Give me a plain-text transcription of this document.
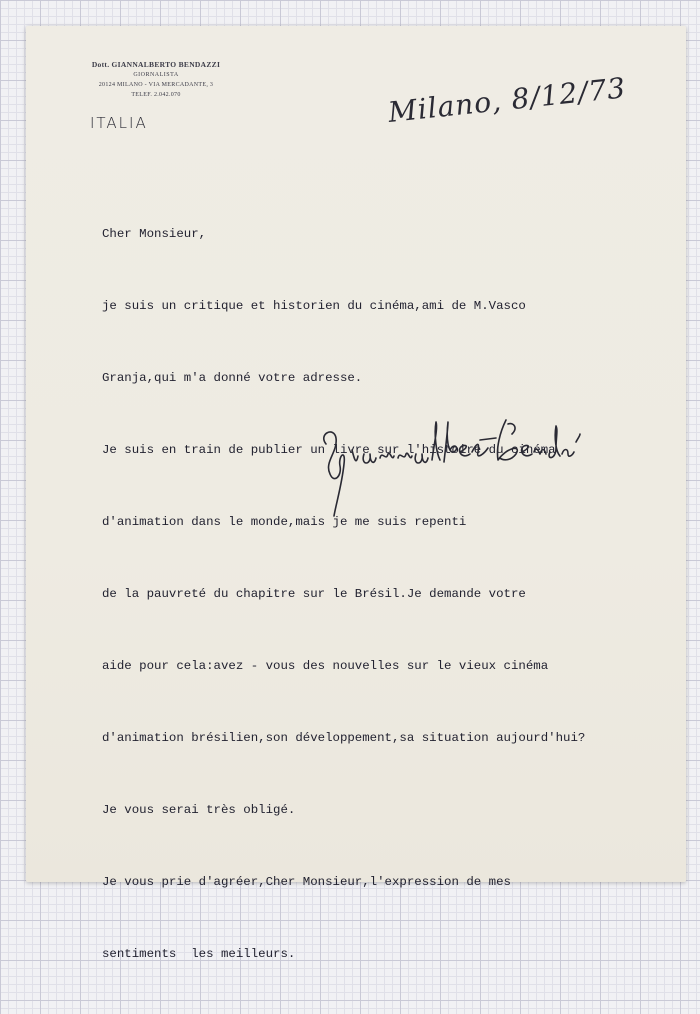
Dott. GIANNALBERTO BENDAZZI
GIORNALISTA
20124 MILANO - VIA MERCADANTE, 3
TELEF. 2.042.070
ITALIA	Milano, 8/12/73

Cher Monsieur,

je suis un critique et historien du cinéma,ami de M.Vasco

Granja,qui m'a donné votre adresse.

Je suis en train de publier un livre sur l'histoire du cinéma

d'animation dans le monde,mais je me suis repenti

de la pauvreté du chapitre sur le Brésil.Je demande votre

aide pour cela:avez - vous des nouvelles sur le vieux cinéma

d'animation brésilien,son développement,sa situation aujourd'hui?

Je vous serai très obligé.

Je vous prie d'agréer,Cher Monsieur,l'expression de mes

sentiments  les meilleurs.
